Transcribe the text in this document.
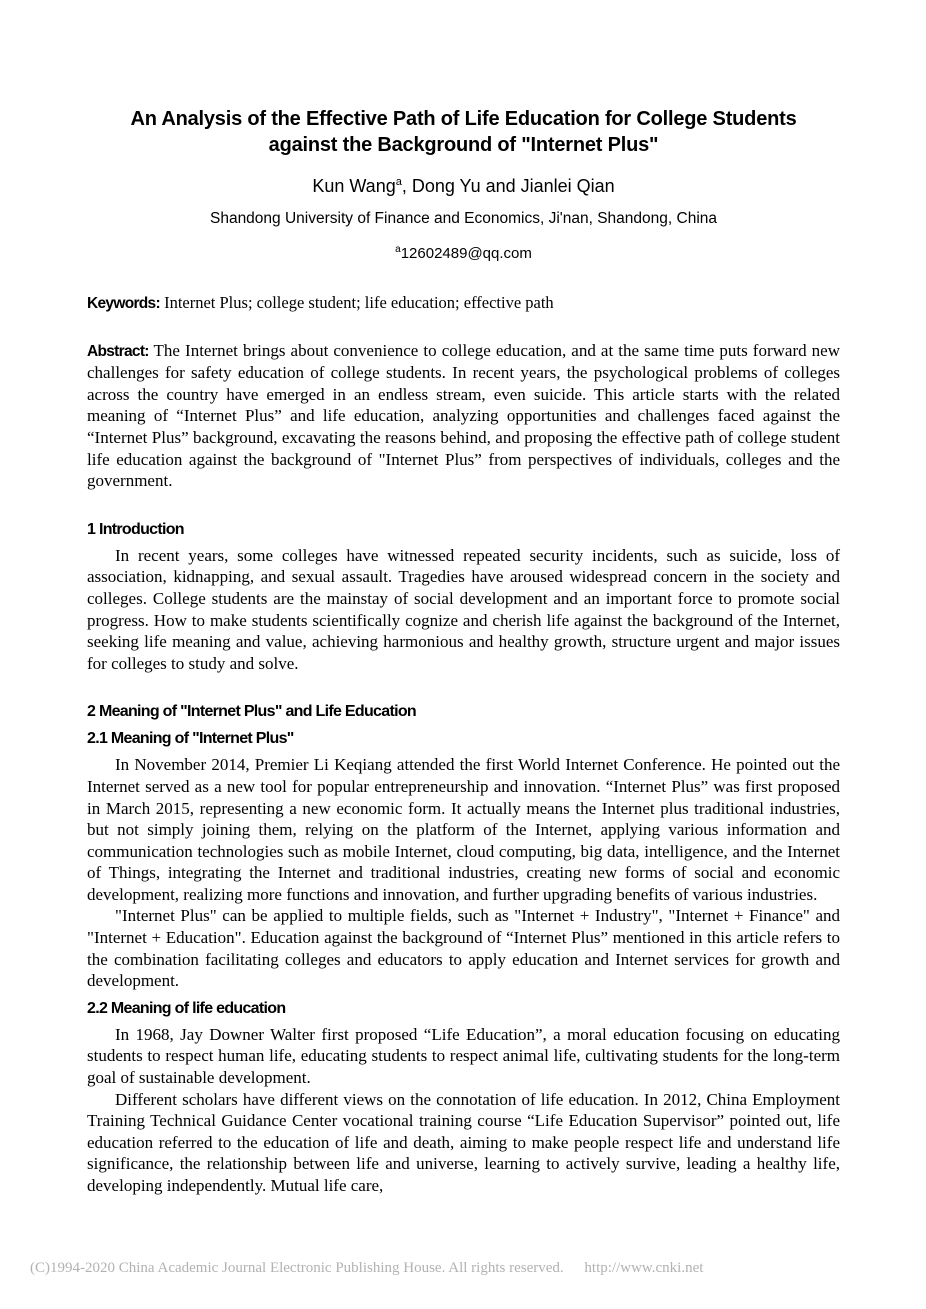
An Analysis of the Effective Path of Life Education for College Students
against the Background of "Internet Plus"
Kun Wang$^a$, Dong Yu and Jianlei Qian
Shandong University of Finance and Economics, Ji'nan, Shandong, China
$^a$12602489@qq.com
Keywords: Internet Plus; college student; life education; effective path
Abstract: The Internet brings about convenience to college education, and at the same time puts forward new challenges for safety education of college students. In recent years, the psychological problems of colleges across the country have emerged in an endless stream, even suicide. This article starts with the related meaning of “Internet Plus” and life education, analyzing opportunities and challenges faced against the “Internet Plus” background, excavating the reasons behind, and proposing the effective path of college student life education against the background of "Internet Plus” from perspectives of individuals, colleges and the government.
1 Introduction

In recent years, some colleges have witnessed repeated security incidents, such as suicide, loss of association, kidnapping, and sexual assault. Tragedies have aroused widespread concern in the society and colleges. College students are the mainstay of social development and an important force to promote social progress. How to make students scientifically cognize and cherish life against the background of the Internet, seeking life meaning and value, achieving harmonious and healthy growth, structure urgent and major issues for colleges to study and solve.

2 Meaning of "Internet Plus" and Life Education
2.1 Meaning of "Internet Plus"

In November 2014, Premier Li Keqiang attended the first World Internet Conference. He pointed out the Internet served as a new tool for popular entrepreneurship and innovation. “Internet Plus” was first proposed in March 2015, representing a new economic form. It actually means the Internet plus traditional industries, but not simply joining them, relying on the platform of the Internet, applying various information and communication technologies such as mobile Internet, cloud computing, big data, intelligence, and the Internet of Things, integrating the Internet and traditional industries, creating new forms of social and economic development, realizing more functions and innovation, and further upgrading benefits of various industries.

"Internet Plus" can be applied to multiple fields, such as "Internet + Industry", "Internet + Finance" and "Internet + Education". Education against the background of “Internet Plus” mentioned in this article refers to the combination facilitating colleges and educators to apply education and Internet services for growth and development.

2.2 Meaning of life education

In 1968, Jay Downer Walter first proposed “Life Education”, a moral education focusing on educating students to respect human life, educating students to respect animal life, cultivating students for the long-term goal of sustainable development.

Different scholars have different views on the connotation of life education. In 2012, China Employment Training Technical Guidance Center vocational training course “Life Education Supervisor” pointed out, life education referred to the education of life and death, aiming to make people respect life and understand life significance, the relationship between life and universe, learning to actively survive, leading a healthy life, developing independently. Mutual life care,

(C)1994-2020 China Academic Journal Electronic Publishing House. All rights reserved. http://www.cnki.net
